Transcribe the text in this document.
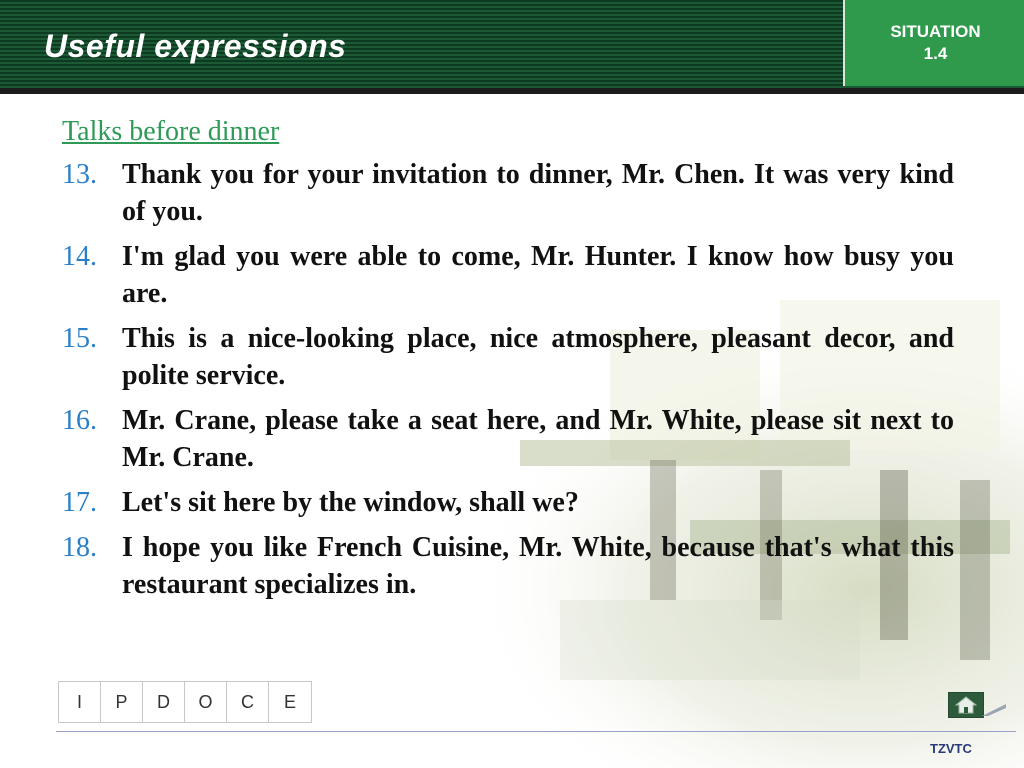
Useful expressions	SITUATION
1.4
Talks before dinner
13. Thank you for your invitation to dinner, Mr. Chen. It was very kind of you.
14. I'm glad you were able to come, Mr. Hunter. I know how busy you are.
15. This is a nice-looking place, nice atmosphere, pleasant decor, and polite service.
16. Mr. Crane, please take a seat here, and Mr. White, please sit next to Mr. Crane.
17. Let's sit here by the window, shall we?
18. I hope you like French Cuisine, Mr. White, because that's what this restaurant specializes in.
I	P	D	O	C	E
TZVTC
